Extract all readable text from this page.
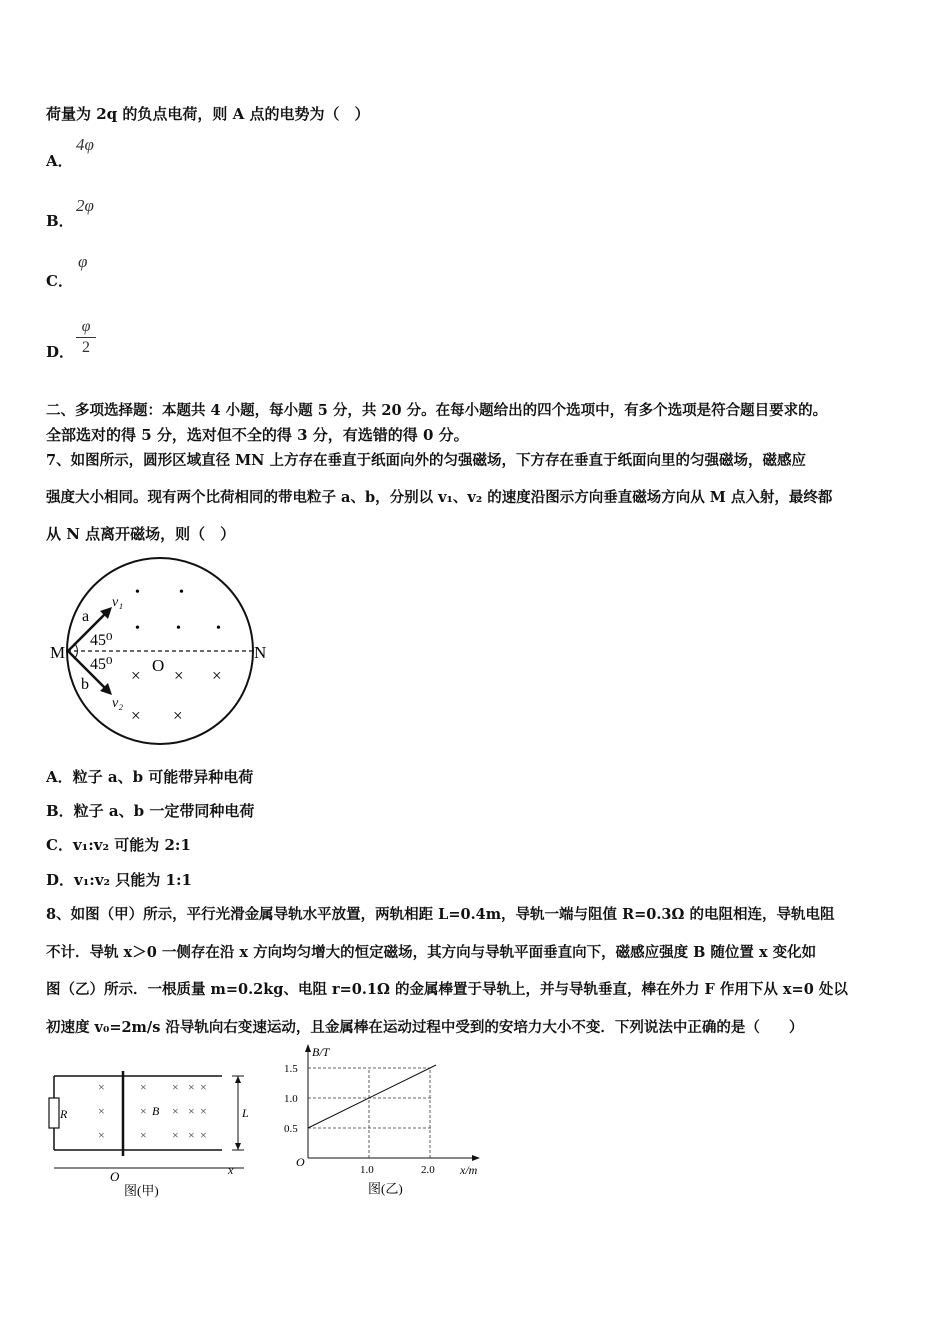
荷量为 2q 的负点电荷，则 A 点的电势为（　）
A．
4φ
B．
2φ
C．
φ
D．
φ
2
二、多项选择题：本题共 4 小题，每小题 5 分，共 20 分。在每小题给出的四个选项中，有多个选项是符合题目要求的。
全部选对的得 5 分，选对但不全的得 3 分，有选错的得 0 分。
7、如图所示，圆形区域直径 MN 上方存在垂直于纸面向外的匀强磁场，下方存在垂直于纸面向里的匀强磁场，磁感应
强度大小相同。现有两个比荷相同的带电粒子 a、b，分别以 v₁、v₂ 的速度沿图示方向垂直磁场方向从 M 点入射，最终都
从 N 点离开磁场，则（　）
M	N
O
a
b
v₁
v₂
45⁰
45⁰
•	•
•	•	•
× × ×
× ×
A．粒子 a、b 可能带异种电荷
B．粒子 a、b 一定带同种电荷
C．v₁:v₂ 可能为 2:1
D．v₁:v₂ 只能为 1:1
8、如图（甲）所示，平行光滑金属导轨水平放置，两轨相距 L=0.4m，导轨一端与阻值 R=0.3Ω 的电阻相连，导轨电阻
不计．导轨 x＞0 一侧存在沿 x 方向均匀增大的恒定磁场，其方向与导轨平面垂直向下，磁感应强度 B 随位置 x 变化如
图（乙）所示．一根质量 m=0.2kg、电阻 r=0.1Ω 的金属棒置于导轨上，并与导轨垂直，棒在外力 F 作用下从 x=0 处以
初速度 v₀=2m/s 沿导轨向右变速运动，且金属棒在运动过程中受到的安培力大小不变．下列说法中正确的是（　　）
R	L
O	x
×
×
×
×
×
×
×
×
×
×
×
×
×
×
×
B
图(甲)
B/T
x/m
O
0.5
1.0
1.5
1.0	2.0
图(乙)
